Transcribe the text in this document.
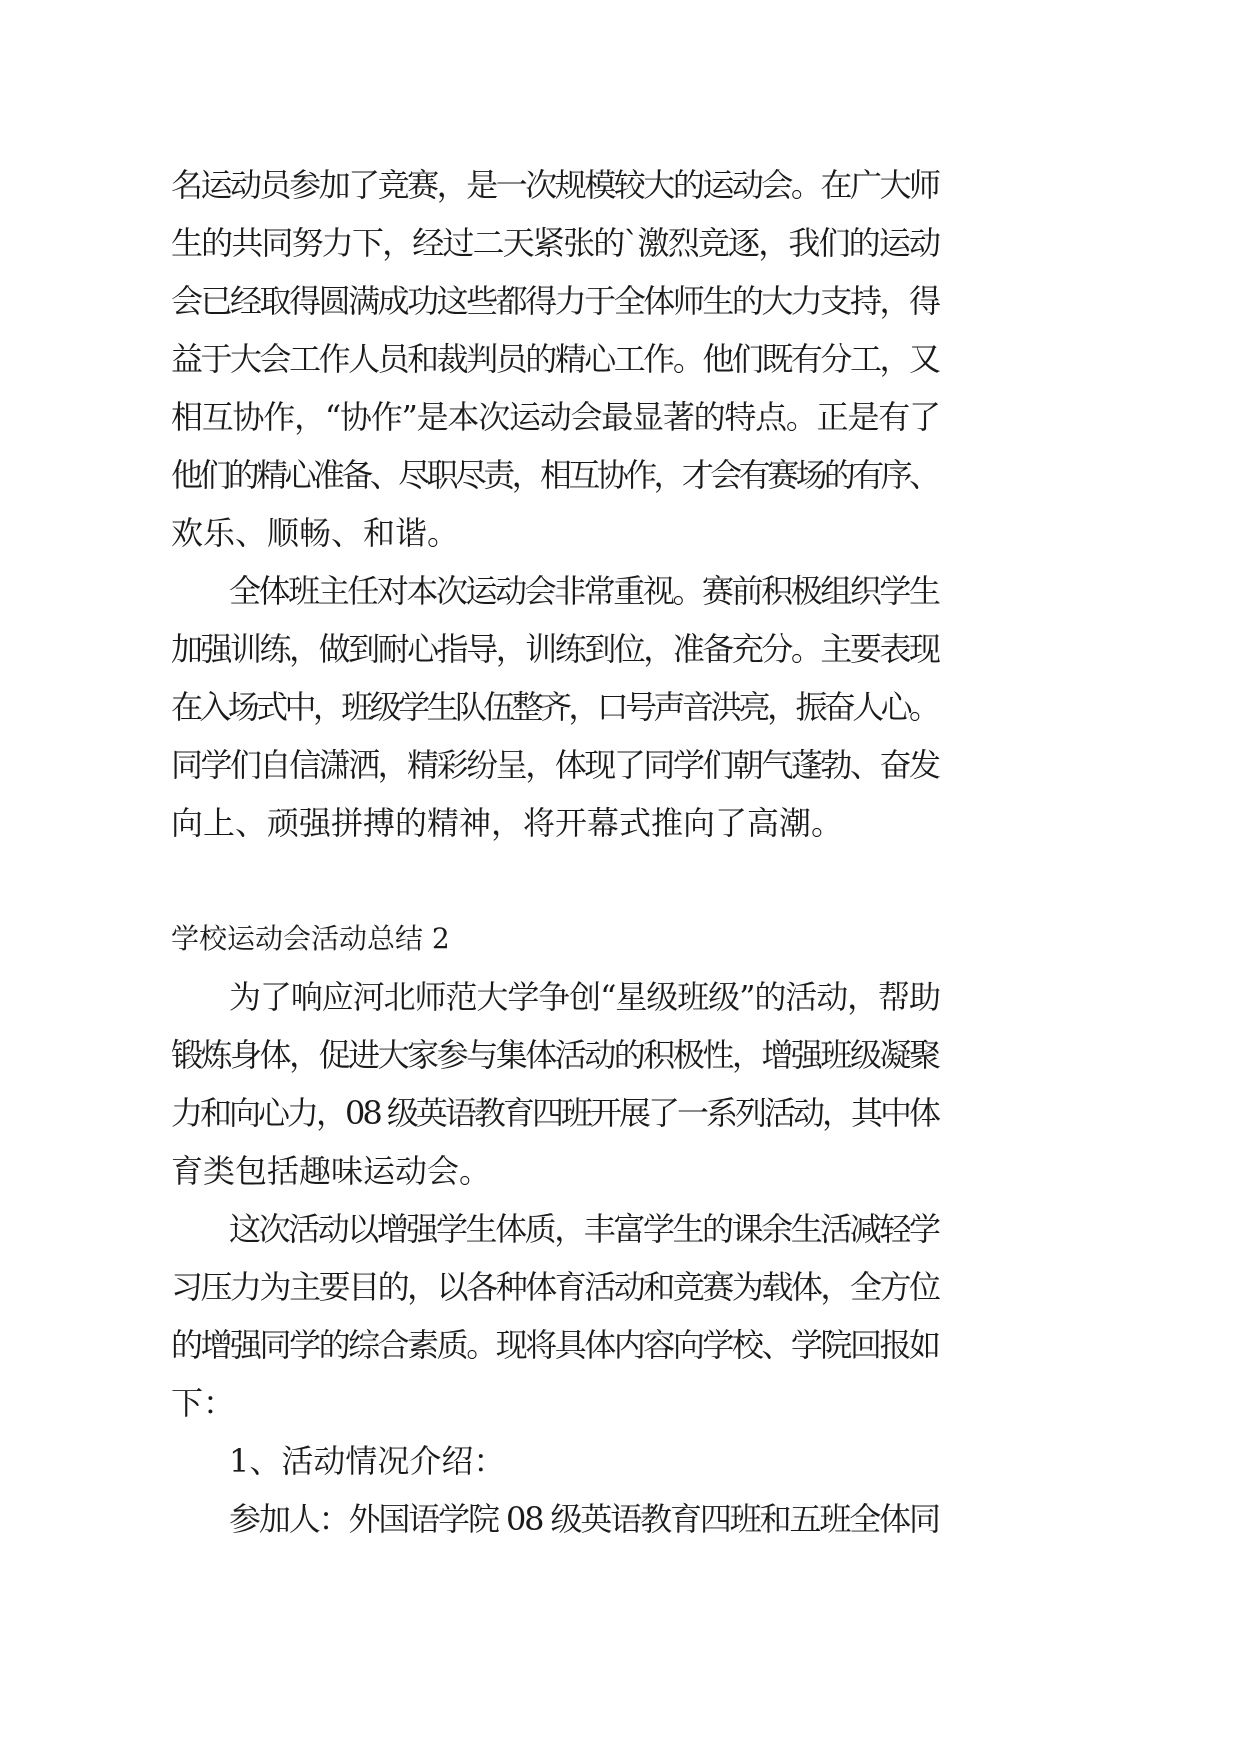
名运动员参加了竞赛，是一次规模较大的运动会。在广大师
生的共同努力下，经过二天紧张的`激烈竞逐，我们的运动
会已经取得圆满成功这些都得力于全体师生的大力支持，得
益于大会工作人员和裁判员的精心工作。他们既有分工，又
相互协作，“协作”是本次运动会最显著的特点。正是有了
他们的精心准备、尽职尽责，相互协作，才会有赛场的有序、
欢乐、顺畅、和谐。
全体班主任对本次运动会非常重视。赛前积极组织学生
加强训练，做到耐心指导，训练到位，准备充分。主要表现
在入场式中，班级学生队伍整齐，口号声音洪亮，振奋人心。
同学们自信潇洒，精彩纷呈，体现了同学们朝气蓬勃、奋发
向上、顽强拼搏的精神，将开幕式推向了高潮。
学校运动会活动总结 2
为了响应河北师范大学争创“星级班级”的活动，帮助
锻炼身体，促进大家参与集体活动的积极性，增强班级凝聚
力和向心力，08 级英语教育四班开展了一系列活动，其中体
育类包括趣味运动会。
这次活动以增强学生体质，丰富学生的课余生活减轻学
习压力为主要目的，以各种体育活动和竞赛为载体，全方位
的增强同学的综合素质。现将具体内容向学校、学院回报如
下：
1、活动情况介绍：
参加人：外国语学院 08 级英语教育四班和五班全体同
